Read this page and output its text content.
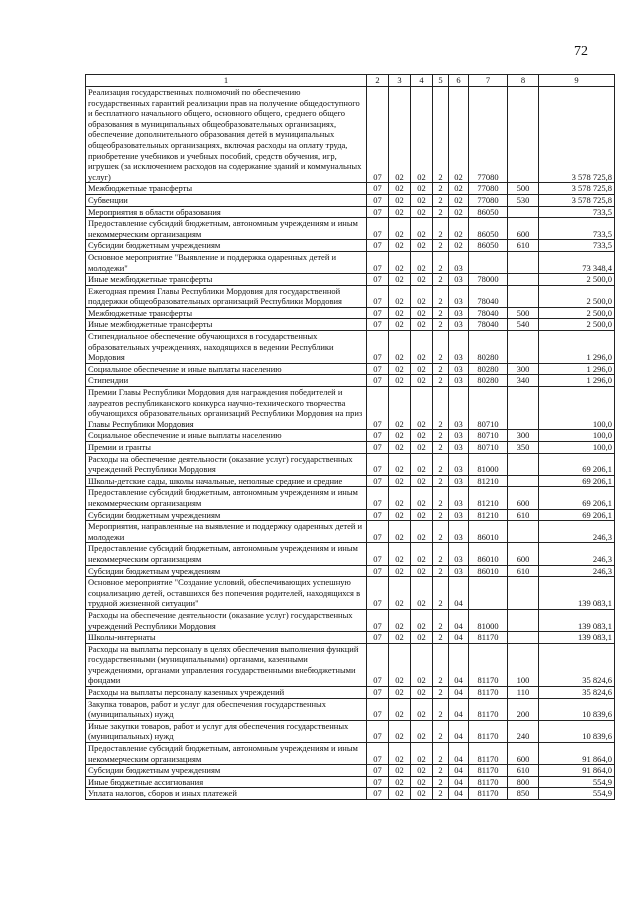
72
1	2	3	4	5	6	7	8	9
Реализация государственных полномочий по обеспечению государственных гарантий реализации прав на получение общедоступного и бесплатного начального общего, основного общего, среднего общего образования в муниципальных общеобразовательных организациях, обеспечение дополнительного образования детей в муниципальных общеобразовательных организациях, включая расходы на оплату труда, приобретение учебников и учебных пособий, средств обучения, игр, игрушек (за исключением расходов на содержание зданий и коммунальных услуг)	07	02	02	2	02	77080		3 578 725,8
Межбюджетные трансферты	07	02	02	2	02	77080	500	3 578 725,8
Субвенции	07	02	02	2	02	77080	530	3 578 725,8
Мероприятия в области образования	07	02	02	2	02	86050		733,5
Предоставление субсидий бюджетным, автономным учреждениям и иным некоммерческим организациям	07	02	02	2	02	86050	600	733,5
Субсидии бюджетным учреждениям	07	02	02	2	02	86050	610	733,5
Основное мероприятие "Выявление и поддержка одаренных детей и молодежи"	07	02	02	2	03			73 348,4
Иные межбюджетные трансферты	07	02	02	2	03	78000		2 500,0
Ежегодная премия Главы Республики Мордовия для государственной поддержки общеобразовательных организаций Республики Мордовия	07	02	02	2	03	78040		2 500,0
Межбюджетные трансферты	07	02	02	2	03	78040	500	2 500,0
Иные межбюджетные трансферты	07	02	02	2	03	78040	540	2 500,0
Стипендиальное обеспечение обучающихся в государственных образовательных учреждениях, находящихся в ведении Республики Мордовия	07	02	02	2	03	80280		1 296,0
Социальное обеспечение и иные выплаты населению	07	02	02	2	03	80280	300	1 296,0
Стипендии	07	02	02	2	03	80280	340	1 296,0
Премии Главы Республики Мордовия для награждения победителей и лауреатов республиканского конкурса научно-технического творчества обучающихся образовательных организаций Республики Мордовия на приз Главы Республики Мордовия	07	02	02	2	03	80710		100,0
Социальное обеспечение и иные выплаты населению	07	02	02	2	03	80710	300	100,0
Премии и гранты	07	02	02	2	03	80710	350	100,0
Расходы на обеспечение деятельности (оказание услуг) государственных учреждений Республики Мордовия	07	02	02	2	03	81000		69 206,1
Школы-детские сады, школы начальные, неполные средние и средние	07	02	02	2	03	81210		69 206,1
Предоставление субсидий бюджетным, автономным учреждениям и иным некоммерческим организациям	07	02	02	2	03	81210	600	69 206,1
Субсидии бюджетным учреждениям	07	02	02	2	03	81210	610	69 206,1
Мероприятия, направленные на выявление и поддержку одаренных детей и молодежи	07	02	02	2	03	86010		246,3
Предоставление субсидий бюджетным, автономным учреждениям и иным некоммерческим организациям	07	02	02	2	03	86010	600	246,3
Субсидии бюджетным учреждениям	07	02	02	2	03	86010	610	246,3
Основное мероприятие "Создание условий, обеспечивающих успешную социализацию детей, оставшихся без попечения родителей, находящихся в трудной жизненной ситуации"	07	02	02	2	04			139 083,1
Расходы на обеспечение деятельности (оказание услуг) государственных учреждений Республики Мордовия	07	02	02	2	04	81000		139 083,1
Школы-интернаты	07	02	02	2	04	81170		139 083,1
Расходы на выплаты персоналу в целях обеспечения выполнения функций государственными (муниципальными) органами, казенными учреждениями, органами управления государственными внебюджетными фондами	07	02	02	2	04	81170	100	35 824,6
Расходы на выплаты персоналу казенных учреждений	07	02	02	2	04	81170	110	35 824,6
Закупка товаров, работ и услуг для обеспечения государственных (муниципальных) нужд	07	02	02	2	04	81170	200	10 839,6
Иные закупки товаров, работ и услуг для обеспечения государственных (муниципальных) нужд	07	02	02	2	04	81170	240	10 839,6
Предоставление субсидий бюджетным, автономным учреждениям и иным некоммерческим организациям	07	02	02	2	04	81170	600	91 864,0
Субсидии бюджетным учреждениям	07	02	02	2	04	81170	610	91 864,0
Иные бюджетные ассигнования	07	02	02	2	04	81170	800	554,9
Уплата налогов, сборов и иных платежей	07	02	02	2	04	81170	850	554,9
